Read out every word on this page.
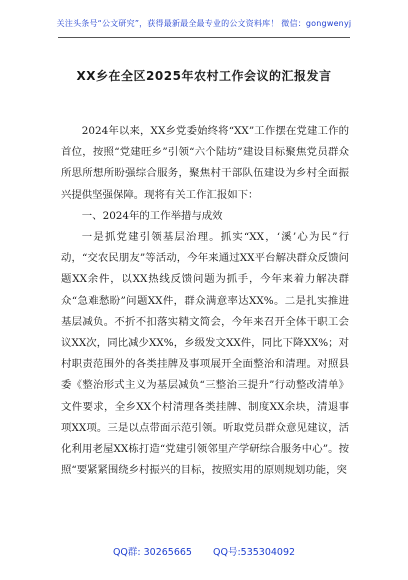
关注头条号“公文研究”，获得最新最全最专业的公文资料库！ 微信：gongwenyj
XX乡在全区2025年农村工作会议的汇报发言

2024年以来，XX乡党委始终将“XX”工作摆在党建工作的首位，按照“党建旺乡”引领“六个陆坊”建设目标聚焦党员群众所思所想所盼强综合服务，聚焦村干部队伍建设为乡村全面振兴提供坚强保障。现将有关工作汇报如下：

一、2024年的工作举措与成效

一是抓党建引领基层治理。抓实“XX，‘溪’心为民”行动，“交农民朋友”等活动，今年来通过XX平台解决群众反馈问题XX余件，以XX热线反馈问题为抓手，今年来着力解决群众“急难愁盼”问题XX件，群众满意率达XX%。二是扎实推进基层减负。不折不扣落实精文简会，今年来召开全体干职工会议XX次，同比减少XX%，乡级发文XX件，同比下降XX%；对村职责范围外的各类挂牌及事项展开全面整治和清理。对照县委《整治形式主义为基层减负“三整治三提升”行动整改清单》文件要求，全乡XX个村清理各类挂牌、制度XX余块，清退事项XX项。三是以点带面示范引领。听取党员群众意见建议，活化利用老屋XX栋打造“党建引领邻里产学研综合服务中心”。按照“要紧紧围绕乡村振兴的目标，按照实用的原则规划功能，突

QQ群: 30265665 QQ号:535304092
